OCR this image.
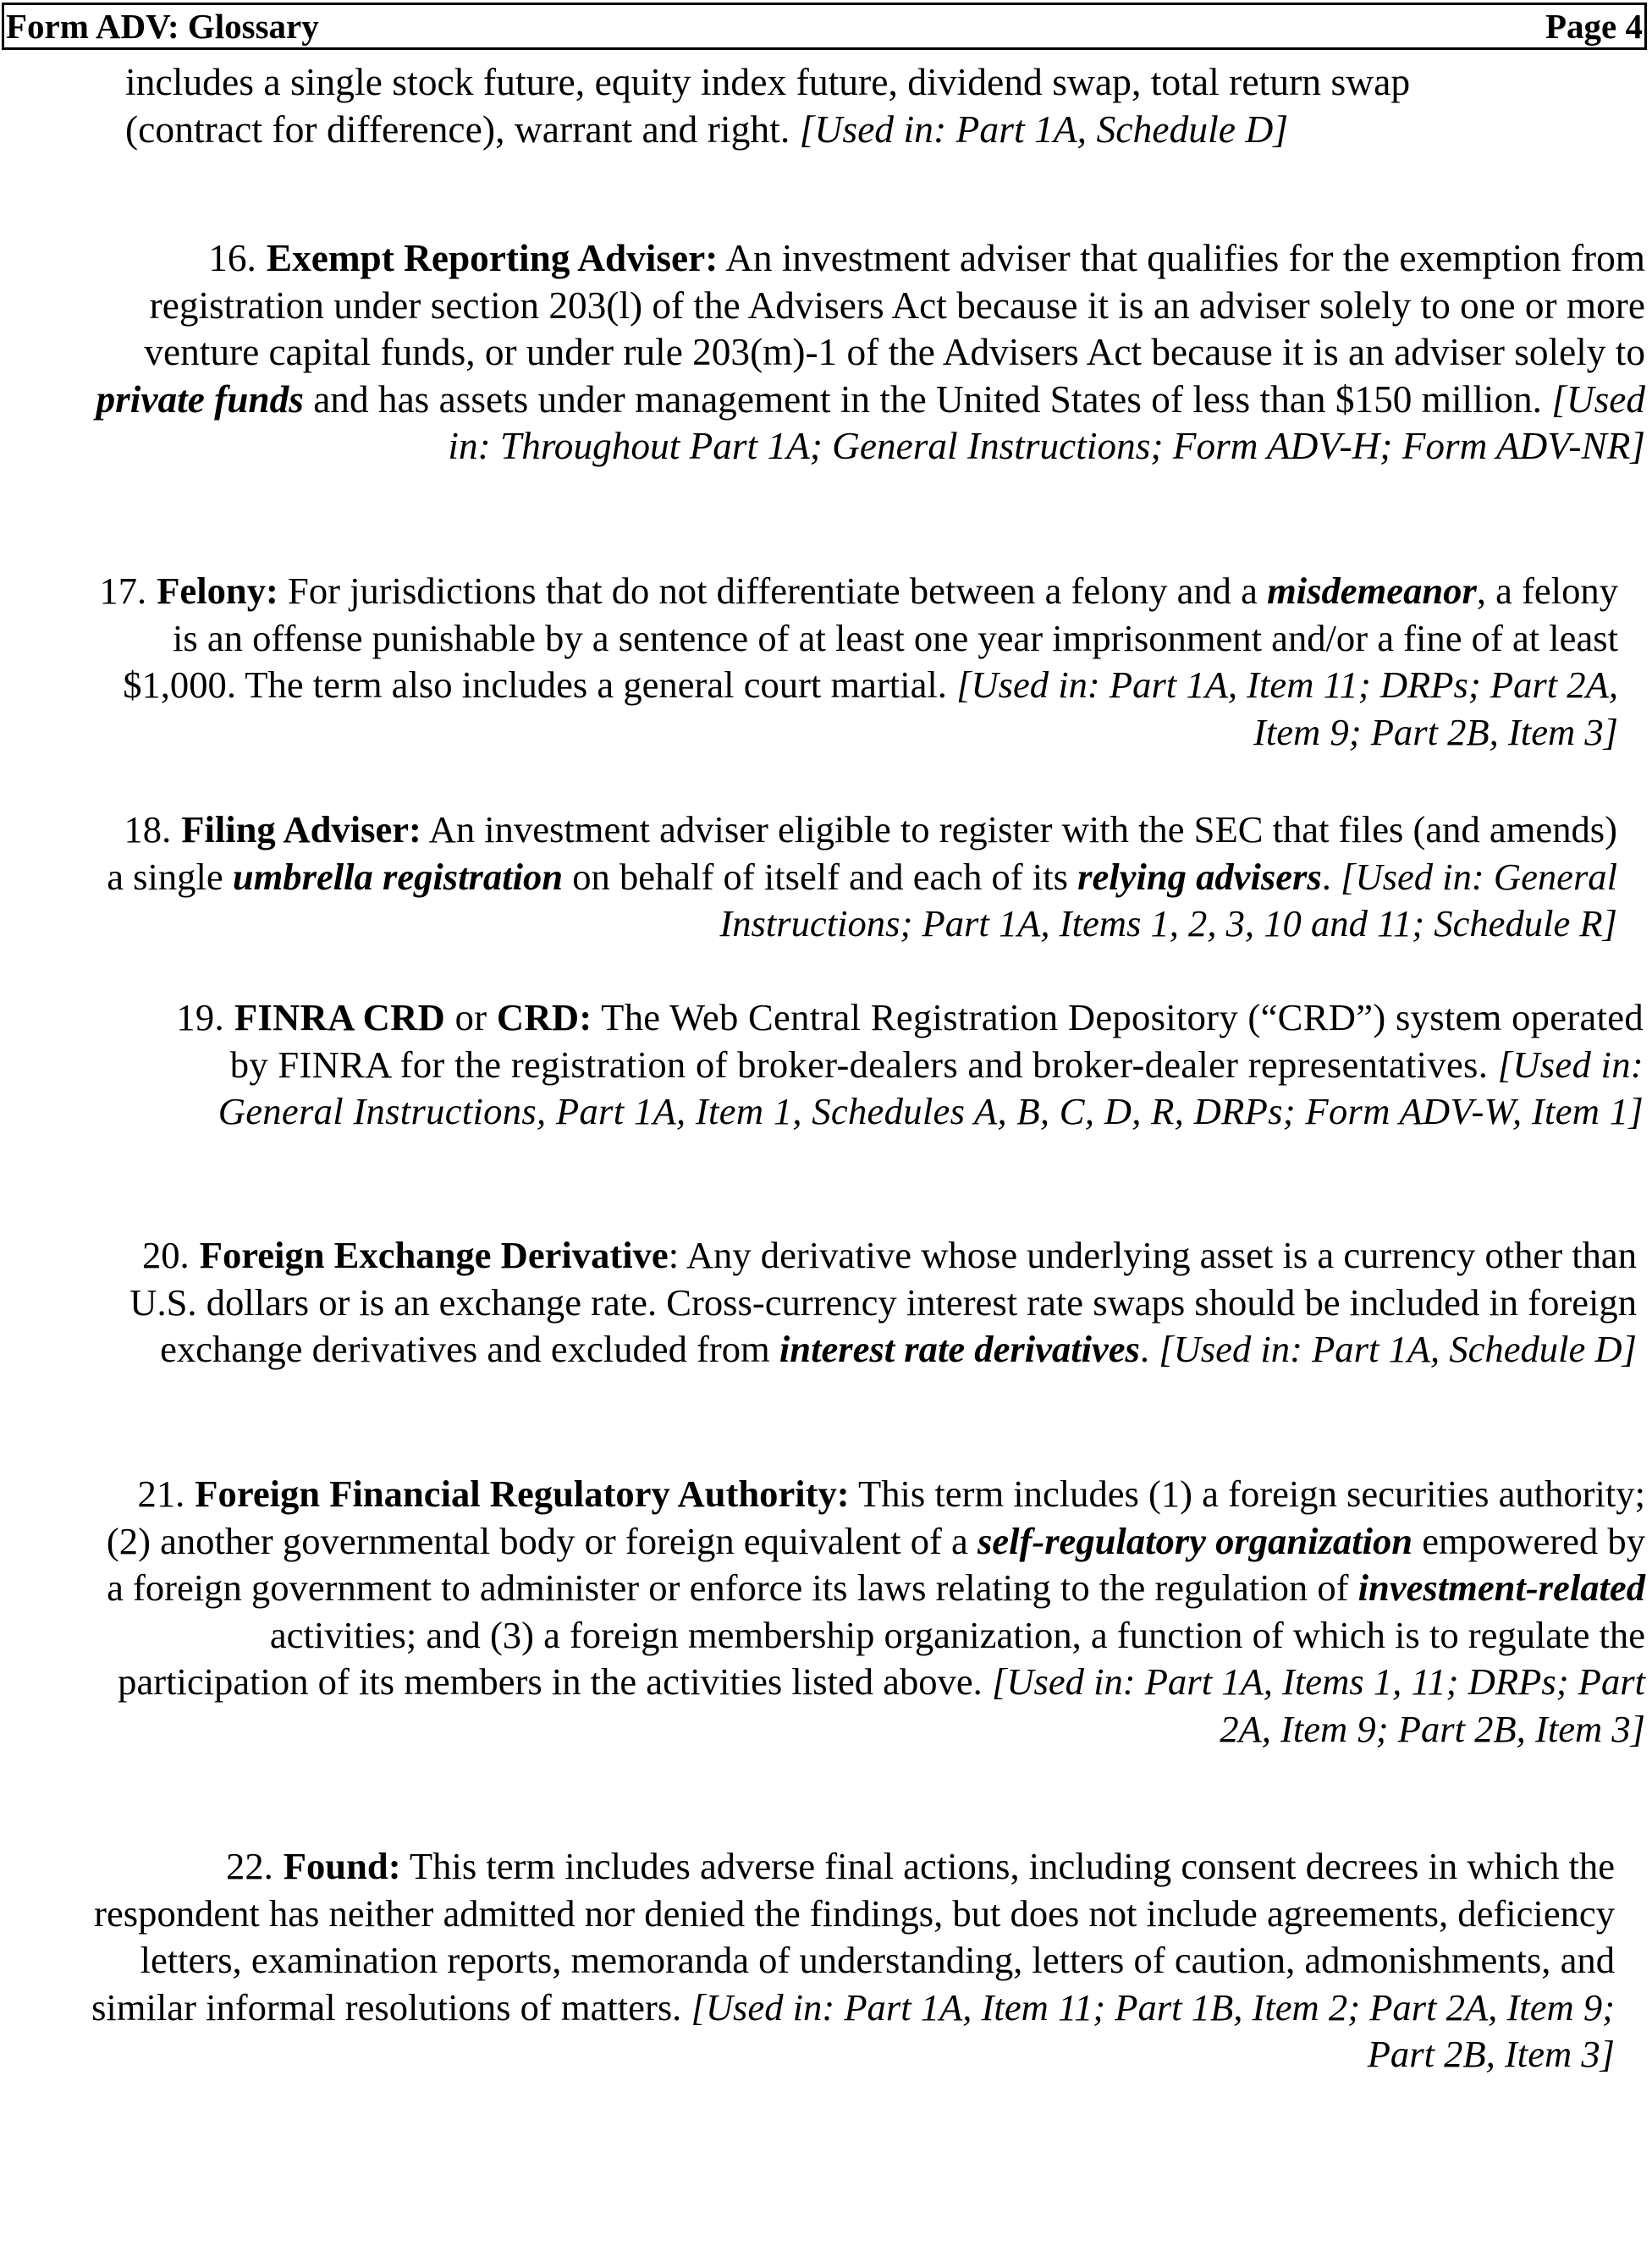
Form ADV: Glossary	Page 4

includes a single stock future, equity index future, dividend swap, total return swap (contract for difference), warrant and right. [Used in: Part 1A, Schedule D]

16. Exempt Reporting Adviser: An investment adviser that qualifies for the exemption from registration under section 203(l) of the Advisers Act because it is an adviser solely to one or more venture capital funds, or under rule 203(m)-1 of the Advisers Act because it is an adviser solely to private funds and has assets under management in the United States of less than $150 million. [Used in: Throughout Part 1A; General Instructions; Form ADV-H; Form ADV-NR]

17. Felony: For jurisdictions that do not differentiate between a felony and a misdemeanor, a felony is an offense punishable by a sentence of at least one year imprisonment and/or a fine of at least $1,000. The term also includes a general court martial. [Used in: Part 1A, Item 11; DRPs; Part 2A, Item 9; Part 2B, Item 3]

18. Filing Adviser: An investment adviser eligible to register with the SEC that files (and amends) a single umbrella registration on behalf of itself and each of its relying advisers. [Used in: General Instructions; Part 1A, Items 1, 2, 3, 10 and 11; Schedule R]

19. FINRA CRD or CRD: The Web Central Registration Depository (“CRD”) system operated by FINRA for the registration of broker-dealers and broker-dealer representatives. [Used in: General Instructions, Part 1A, Item 1, Schedules A, B, C, D, R, DRPs; Form ADV-W, Item 1]

20. Foreign Exchange Derivative: Any derivative whose underlying asset is a currency other than U.S. dollars or is an exchange rate. Cross-currency interest rate swaps should be included in foreign exchange derivatives and excluded from interest rate derivatives. [Used in: Part 1A, Schedule D]

21. Foreign Financial Regulatory Authority: This term includes (1) a foreign securities authority; (2) another governmental body or foreign equivalent of a self-regulatory organization empowered by a foreign government to administer or enforce its laws relating to the regulation of investment-related activities; and (3) a foreign membership organization, a function of which is to regulate the participation of its members in the activities listed above. [Used in: Part 1A, Items 1, 11; DRPs; Part 2A, Item 9; Part 2B, Item 3]

22. Found: This term includes adverse final actions, including consent decrees in which the respondent has neither admitted nor denied the findings, but does not include agreements, deficiency letters, examination reports, memoranda of understanding, letters of caution, admonishments, and similar informal resolutions of matters. [Used in: Part 1A, Item 11; Part 1B, Item 2; Part 2A, Item 9; Part 2B, Item 3]
